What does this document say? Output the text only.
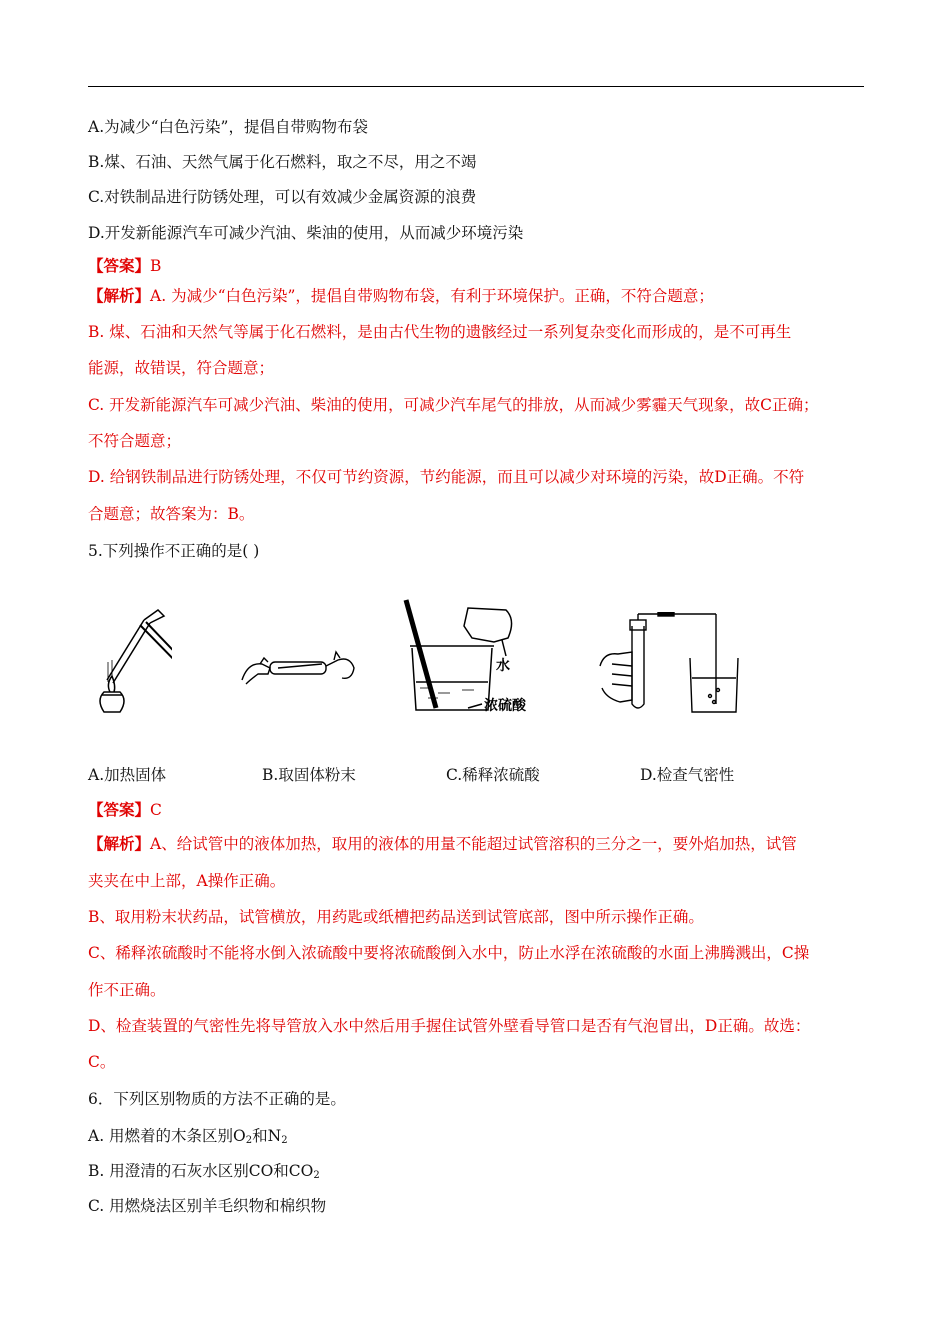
A.为减少“白色污染”，提倡自带购物布袋
B.煤、石油、天然气属于化石燃料，取之不尽，用之不竭
C.对铁制品进行防锈处理，可以有效减少金属资源的浪费
D.开发新能源汽车可减少汽油、柴油的使用，从而减少环境污染
【答案】B
【解析】A. 为减少“白色污染”，提倡自带购物布袋，有利于环境保护。正确，不符合题意；
B. 煤、石油和天然气等属于化石燃料，是由古代生物的遗骸经过一系列复杂变化而形成的，是不可再生
能源，故错误，符合题意；
C. 开发新能源汽车可减少汽油、柴油的使用，可减少汽车尾气的排放，从而减少雾霾天气现象，故C正确；
不符合题意；
D. 给钢铁制品进行防锈处理，不仅可节约资源，节约能源，而且可以减少对环境的污染，故D正确。不符
合题意；故答案为：B。
5.下列操作不正确的是( )
水
浓硫酸
A.加热固体	B.取固体粉末	C.稀释浓硫酸	D.检查气密性
【答案】C
【解析】A、给试管中的液体加热，取用的液体的用量不能超过试管溶积的三分之一，要外焰加热，试管
夹夹在中上部，A操作正确。
B、取用粉末状药品，试管横放，用药匙或纸槽把药品送到试管底部，图中所示操作正确。
C、稀释浓硫酸时不能将水倒入浓硫酸中要将浓硫酸倒入水中，防止水浮在浓硫酸的水面上沸腾溅出，C操
作不正确。
D、检查装置的气密性先将导管放入水中然后用手握住试管外壁看导管口是否有气泡冒出，D正确。故选：
C。
6．下列区别物质的方法不正确的是。
A. 用燃着的木条区别$O_2$和$N_2$
B. 用澄清的石灰水区别CO和$CO_2$
C. 用燃烧法区别羊毛织物和棉织物
